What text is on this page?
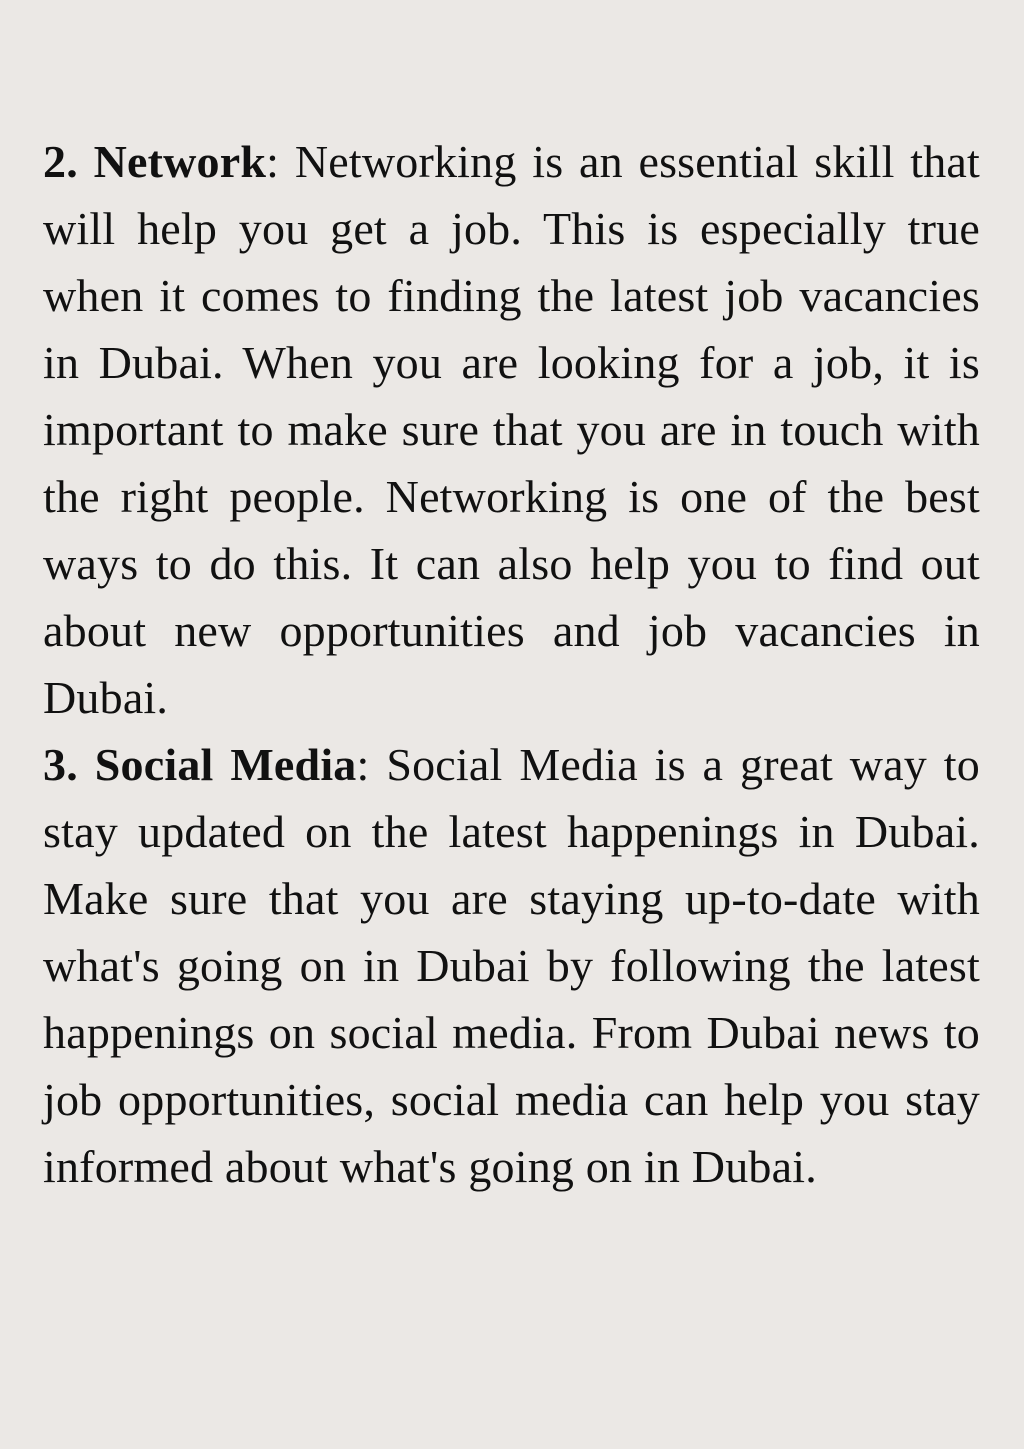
2. Network: Networking is an essential skill that will help you get a job. This is especially true when it comes to finding the latest job vacancies in Dubai. When you are looking for a job, it is important to make sure that you are in touch with the right people. Networking is one of the best ways to do this. It can also help you to find out about new opportunities and job vacancies in Dubai.

3. Social Media: Social Media is a great way to stay updated on the latest happenings in Dubai. Make sure that you are staying up-to-date with what's going on in Dubai by following the latest happenings on social media. From Dubai news to job opportunities, social media can help you stay informed about what's going on in Dubai.
